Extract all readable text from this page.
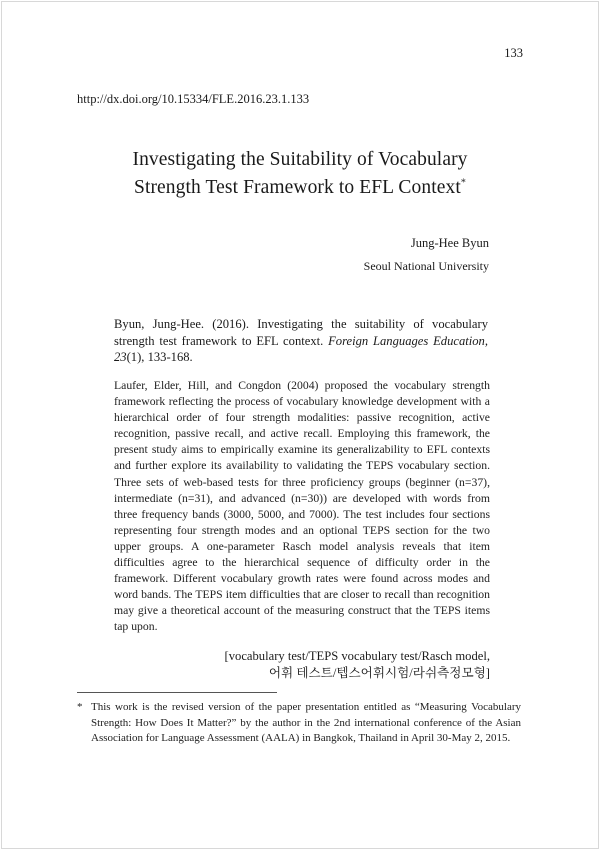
133
http://dx.doi.org/10.15334/FLE.2016.23.1.133
Investigating the Suitability of Vocabulary
Strength Test Framework to EFL Context*
Jung-Hee Byun
Seoul National University
Byun, Jung-Hee. (2016). Investigating the suitability of vocabulary strength test framework to EFL context. Foreign Languages Education, 23(1), 133-168.
Laufer, Elder, Hill, and Congdon (2004) proposed the vocabulary strength framework reflecting the process of vocabulary knowledge development with a hierarchical order of four strength modalities: passive recognition, active recognition, passive recall, and active recall. Employing this framework, the present study aims to empirically examine its generalizability to EFL contexts and further explore its availability to validating the TEPS vocabulary section. Three sets of web-based tests for three proficiency groups (beginner (n=37), intermediate (n=31), and advanced (n=30)) are developed with words from three frequency bands (3000, 5000, and 7000). The test includes four sections representing four strength modes and an optional TEPS section for the two upper groups. A one-parameter Rasch model analysis reveals that item difficulties agree to the hierarchical sequence of difficulty order in the framework. Different vocabulary growth rates were found across modes and word bands. The TEPS item difficulties that are closer to recall than recognition may give a theoretical account of the measuring construct that the TEPS items tap upon.
[vocabulary test/TEPS vocabulary test/Rasch model,
어휘 테스트/텝스어휘시험/라쉬측정모형]
* This work is the revised version of the paper presentation entitled as “Measuring Vocabulary Strength: How Does It Matter?” by the author in the 2nd international conference of the Asian Association for Language Assessment (AALA) in Bangkok, Thailand in April 30-May 2, 2015.
